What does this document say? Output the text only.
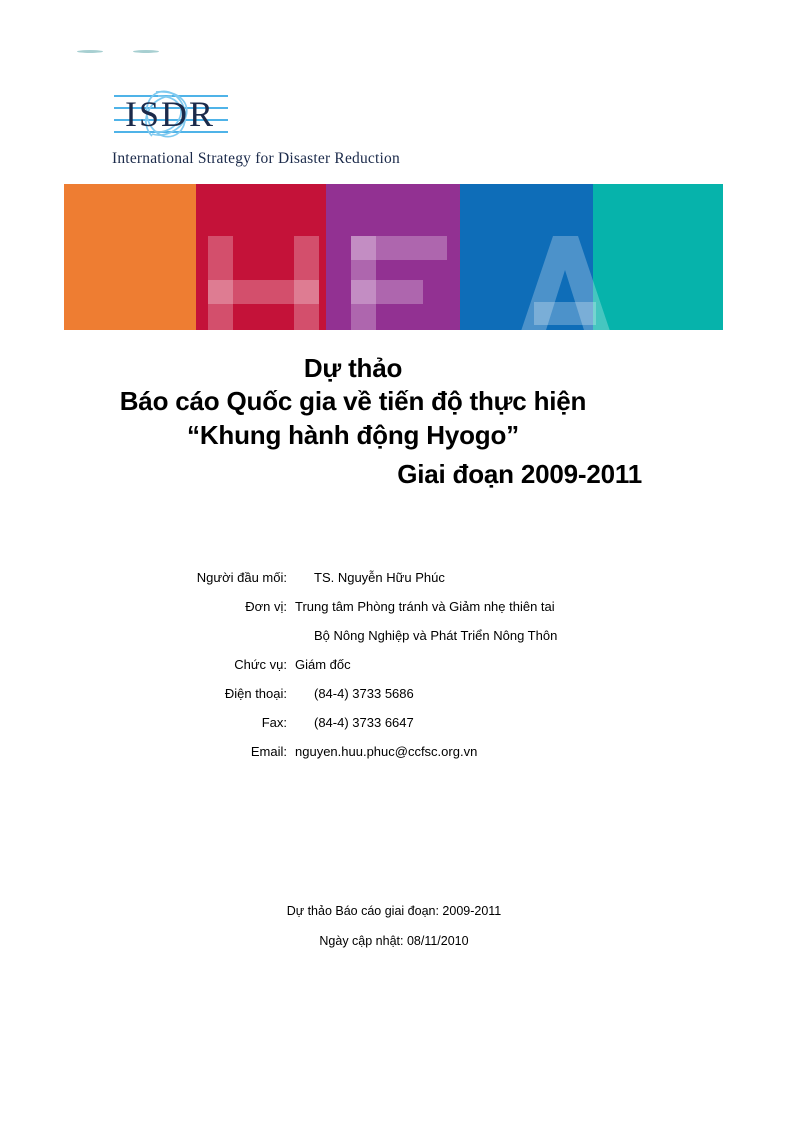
ISDR
International Strategy for Disaster Reduction
Dự thảo
Báo cáo Quốc gia về tiến độ thực hiện
“Khung hành động Hyogo”
Giai đoạn 2009-2011
Người đầu mối:	TS. Nguyễn Hữu Phúc
Đơn vị: Trung tâm Phòng tránh và Giảm nhẹ thiên tai
Bộ Nông Nghiệp và Phát Triển Nông Thôn
Chức vụ: Giám đốc
Điện thoại:	(84-4) 3733 5686
Fax:	(84-4) 3733 6647
Email: nguyen.huu.phuc@ccfsc.org.vn
Dự thảo Báo cáo giai đoạn: 2009-2011
Ngày cập nhật: 08/11/2010
